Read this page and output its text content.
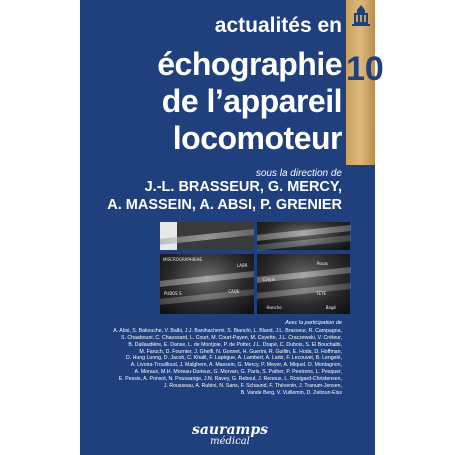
10
actualités en
échographie
de l’appareil
locomoteur
sous la direction de
J.-L. BRASSEUR, G. MERCY,
A. MASSEIN, A. ABSI, P. GRENIER
Avec la participation de
A. Absi, S. Bakouche, V. Balbi, J.J. Banihachemi, S. Bianchi, L. Bland, J.L. Brasseur, R. Campagna,
S. Chaabouni, C. Chaussard, L. Court, M. Court-Payen, M. Coyette, J.L. Craczewski, V. Créteur,
B. Dallaudière, E. Danse, L. de Montjoie, P. de Potter, J.L. Drapé, C. Dubois, S. El Bouchaibi,
M. Faruch, D. Fournier, J. Ghelfi, N. Gonnet, H. Guerini, R. Guillin, E. Hoda, D. Hoffman,
D. Hung Luong, D. Jacob, C. Khalil, F. Lapègue, A. Lambert, A. Larbi, F. Lecouvet, B. Lengelé,
A. Livoira-Trouilloud, J. Malghem, A. Massein, G. Mercy, P. Meyer, A. Miquel, D. Montagnon,
A. Moraux, M.H. Moreau-Durieux, G. Morvan, G. Paris, S. Pather, P. Peetrons, L. Pesquer,
E. Pessis, A. Ponsot, N. Poussange, J.N. Ravey, G. Reboul, J. Renoux, L. Rostgard-Christensen,
J. Rousseau, A. Rubini, N. Sans, F. Schaund, F. Thévenin, J. Tranum-Jensen,
B. Vande Berg, V. Vuillemin, D. Zeitoun-Eiss
sauramps
médical
MISCROGRAPHIEHE
LABR
PUBOS S	CADE
Psoas
Cotyle
TETE
Hanche	Bagé
